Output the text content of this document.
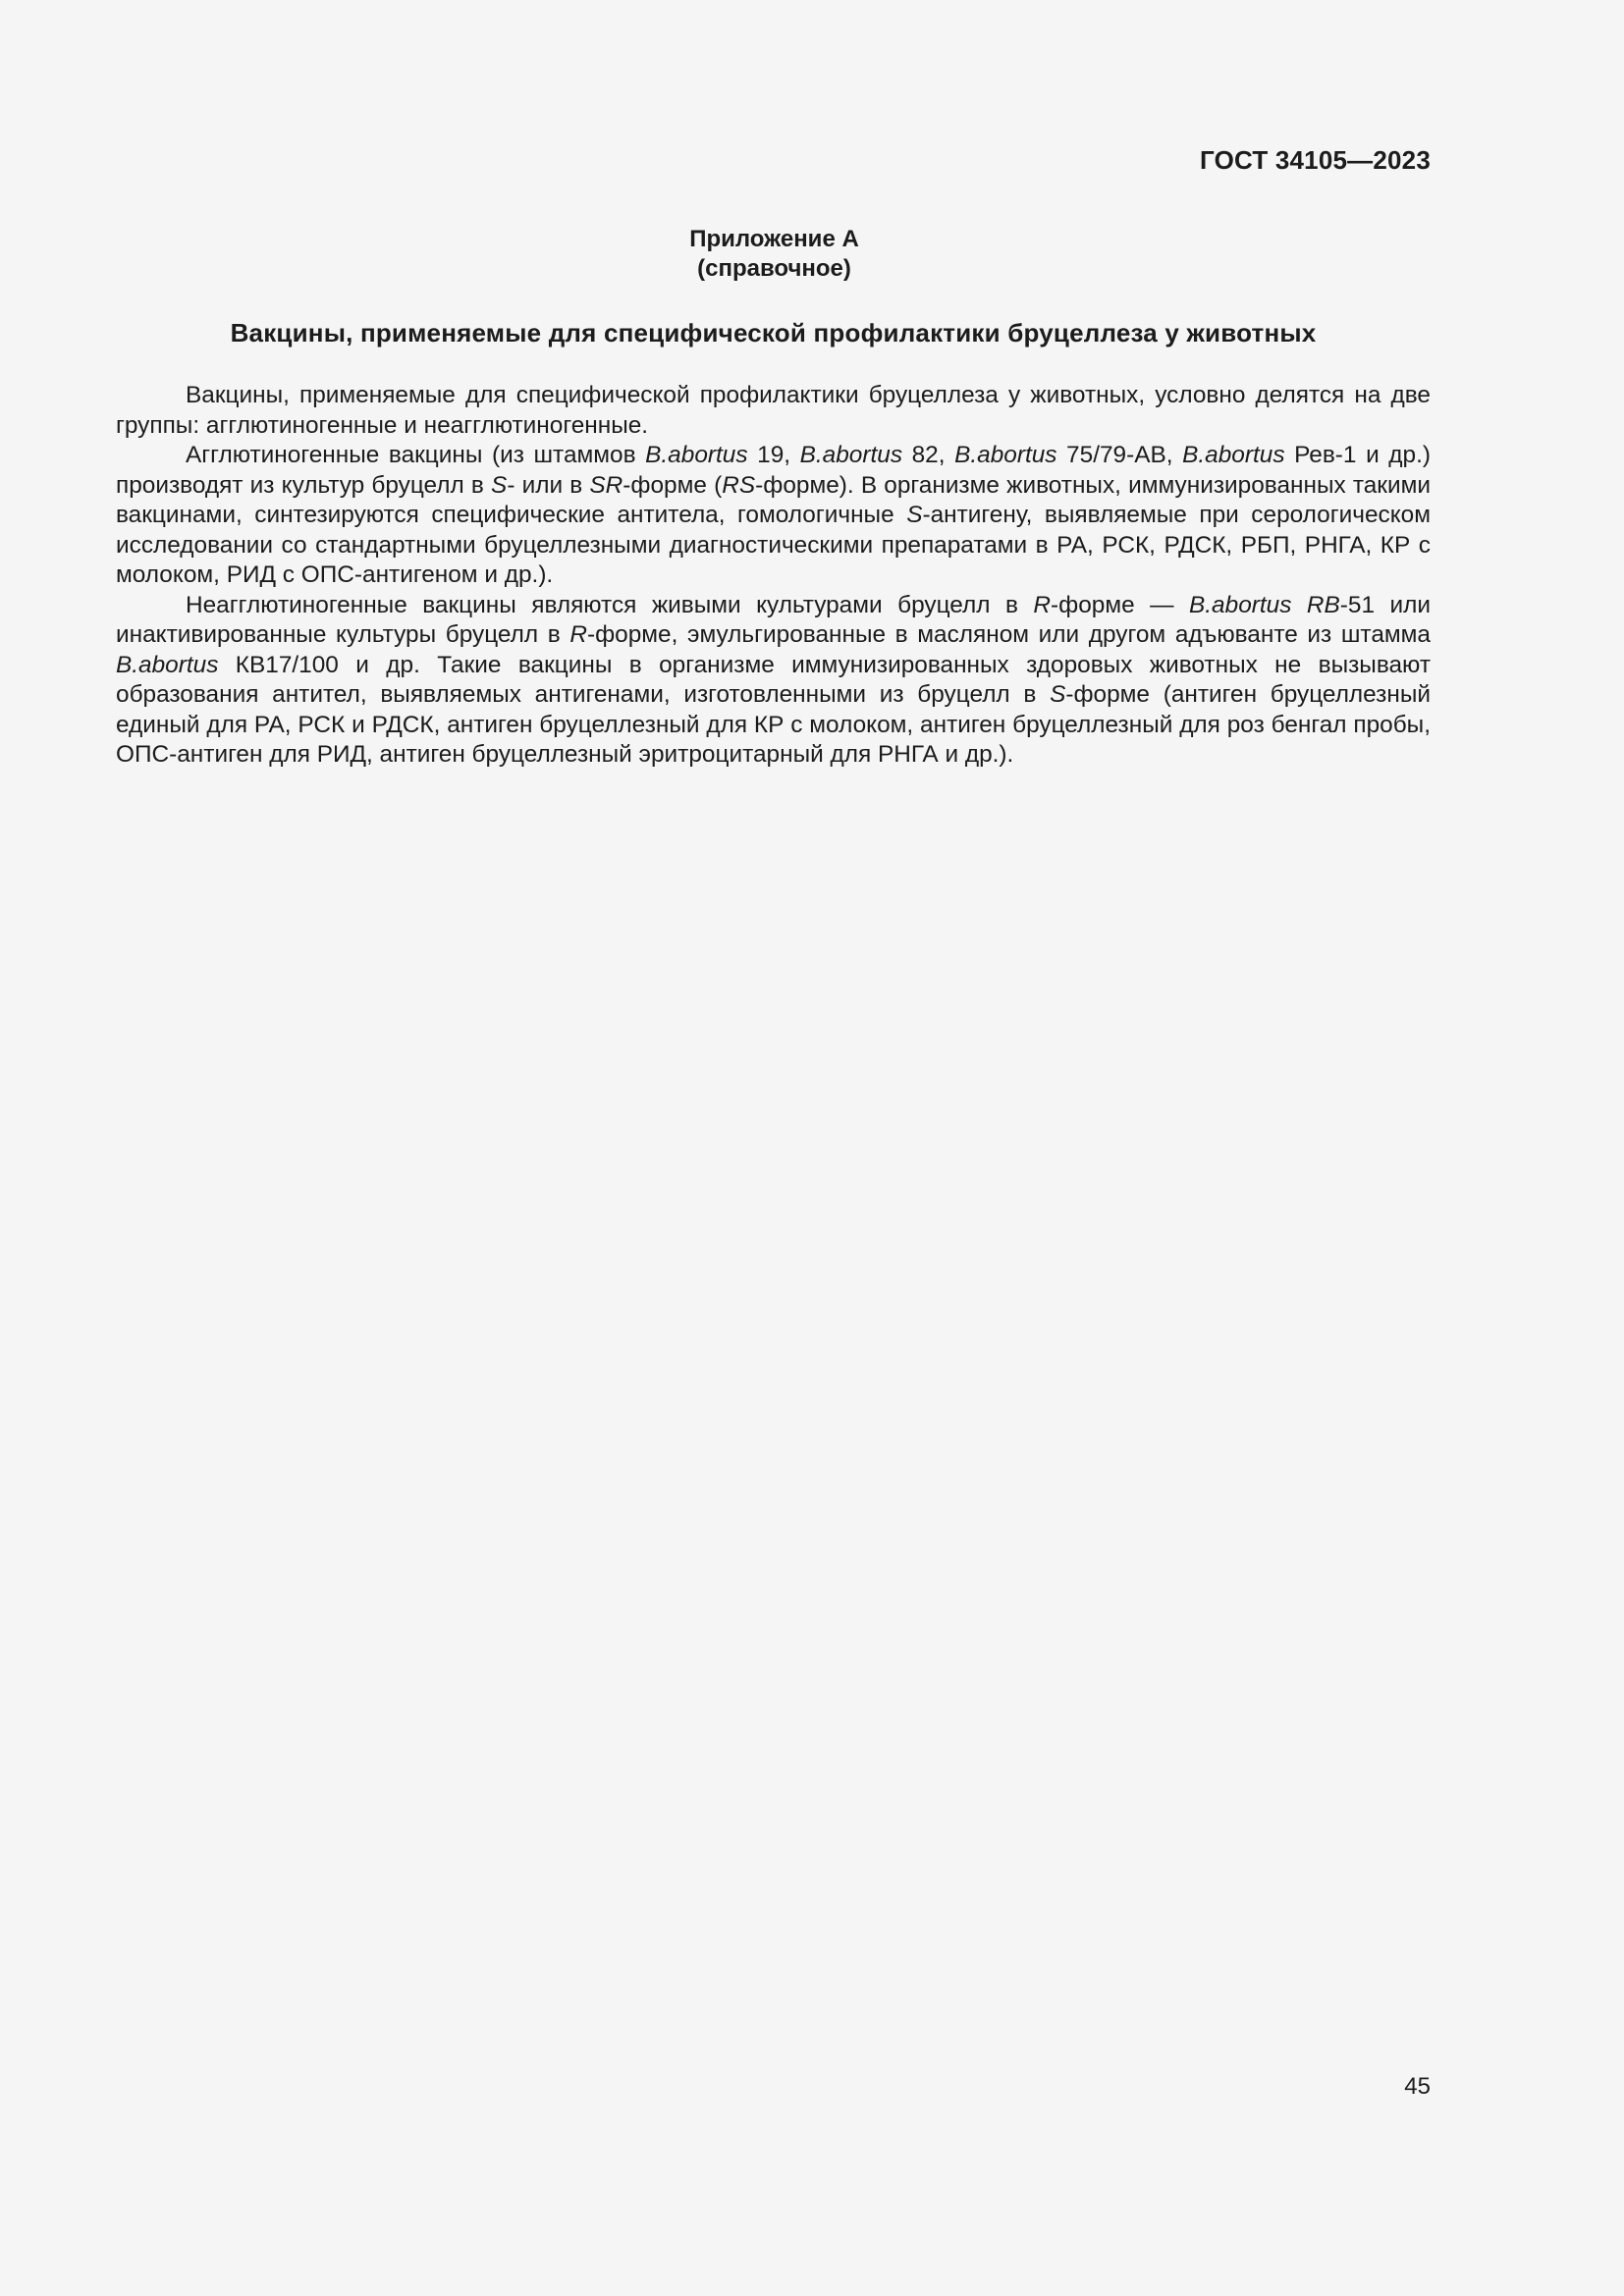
ГОСТ 34105—2023
Приложение А
(справочное)
Вакцины, применяемые для специфической профилактики бруцеллеза у животных

Вакцины, применяемые для специфической профилактики бруцеллеза у животных, условно делятся на две группы: агглютиногенные и неагглютиногенные.

Агглютиногенные вакцины (из штаммов B.abortus 19, B.abortus 82, B.abortus 75/79-АВ, B.abortus Рев-1 и др.) производят из культур бруцелл в S- или в SR-форме (RS-форме). В организме животных, иммунизированных такими вакцинами, синтезируются специфические антитела, гомологичные S-антигену, выявляемые при серологическом исследовании со стандартными бруцеллезными диагностическими препаратами в РА, РСК, РДСК, РБП, РНГА, КР с молоком, РИД с ОПС-антигеном и др.).

Неагглютиногенные вакцины являются живыми культурами бруцелл в R-форме — B.abortus RB-51 или инактивированные культуры бруцелл в R-форме, эмульгированные в масляном или другом адъюванте из штамма B.abortus КВ17/100 и др. Такие вакцины в организме иммунизированных здоровых животных не вызывают образования антител, выявляемых антигенами, изготовленными из бруцелл в S-форме (антиген бруцеллезный единый для РА, РСК и РДСК, антиген бруцеллезный для КР с молоком, антиген бруцеллезный для роз бенгал пробы, ОПС-антиген для РИД, антиген бруцеллезный эритроцитарный для РНГА и др.).

45
